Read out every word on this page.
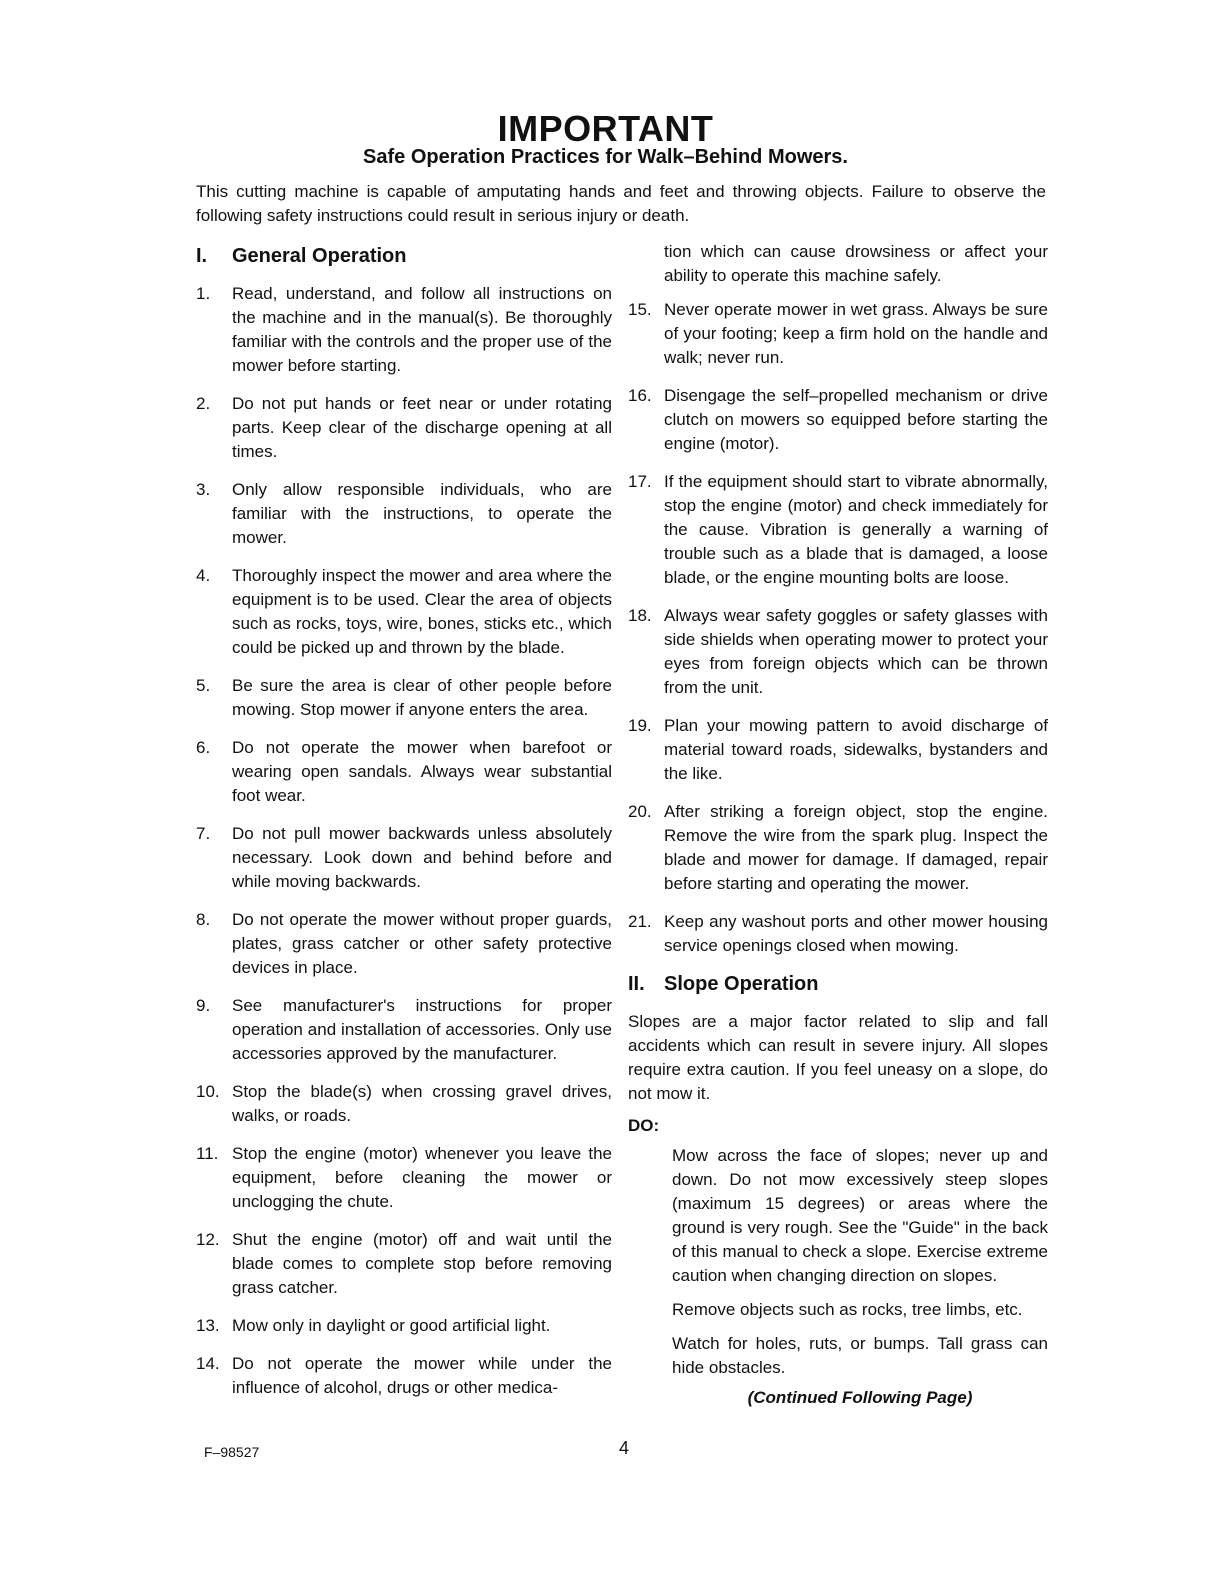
IMPORTANT
Safe Operation Practices for Walk–Behind Mowers.
This cutting machine is capable of amputating hands and feet and throwing objects. Failure to observe the following safety instructions could result in serious injury or death.
I.	General Operation
1.	Read, understand, and follow all instructions on the machine and in the manual(s). Be thoroughly familiar with the controls and the proper use of the mower before starting.
2.	Do not put hands or feet near or under rotating parts. Keep clear of the discharge opening at all times.
3.	Only allow responsible individuals, who are familiar with the instructions, to operate the mower.
4.	Thoroughly inspect the mower and area where the equipment is to be used. Clear the area of objects such as rocks, toys, wire, bones, sticks etc., which could be picked up and thrown by the blade.
5.	Be sure the area is clear of other people before mowing. Stop mower if anyone enters the area.
6.	Do not operate the mower when barefoot or wearing open sandals. Always wear substantial foot wear.
7.	Do not pull mower backwards unless absolutely necessary. Look down and behind before and while moving backwards.
8.	Do not operate the mower without proper guards, plates, grass catcher or other safety protective devices in place.
9.	See manufacturer's instructions for proper operation and installation of accessories. Only use accessories approved by the manufacturer.
10. Stop the blade(s) when crossing gravel drives, walks, or roads.
11. Stop the engine (motor) whenever you leave the equipment, before cleaning the mower or unclogging the chute.
12. Shut the engine (motor) off and wait until the blade comes to complete stop before removing grass catcher.
13. Mow only in daylight or good artificial light.
14. Do not operate the mower while under the influence of alcohol, drugs or other medica-
tion which can cause drowsiness or affect your ability to operate this machine safely.
15. Never operate mower in wet grass. Always be sure of your footing; keep a firm hold on the handle and walk; never run.
16. Disengage the self–propelled mechanism or drive clutch on mowers so equipped before starting the engine (motor).
17. If the equipment should start to vibrate abnormally, stop the engine (motor) and check immediately for the cause. Vibration is generally a warning of trouble such as a blade that is damaged, a loose blade, or the engine mounting bolts are loose.
18. Always wear safety goggles or safety glasses with side shields when operating mower to protect your eyes from foreign objects which can be thrown from the unit.
19. Plan your mowing pattern to avoid discharge of material toward roads, sidewalks, bystanders and the like.
20. After striking a foreign object, stop the engine. Remove the wire from the spark plug. Inspect the blade and mower for damage. If damaged, repair before starting and operating the mower.
21. Keep any washout ports and other mower housing service openings closed when mowing.
II. Slope Operation
Slopes are a major factor related to slip and fall accidents which can result in severe injury. All slopes require extra caution. If you feel uneasy on a slope, do not mow it.
DO:
Mow across the face of slopes; never up and down. Do not mow excessively steep slopes (maximum 15 degrees) or areas where the ground is very rough. See the "Guide" in the back of this manual to check a slope. Exercise extreme caution when changing direction on slopes.
Remove objects such as rocks, tree limbs, etc.
Watch for holes, ruts, or bumps. Tall grass can hide obstacles.
(Continued Following Page)
F–98527	4
